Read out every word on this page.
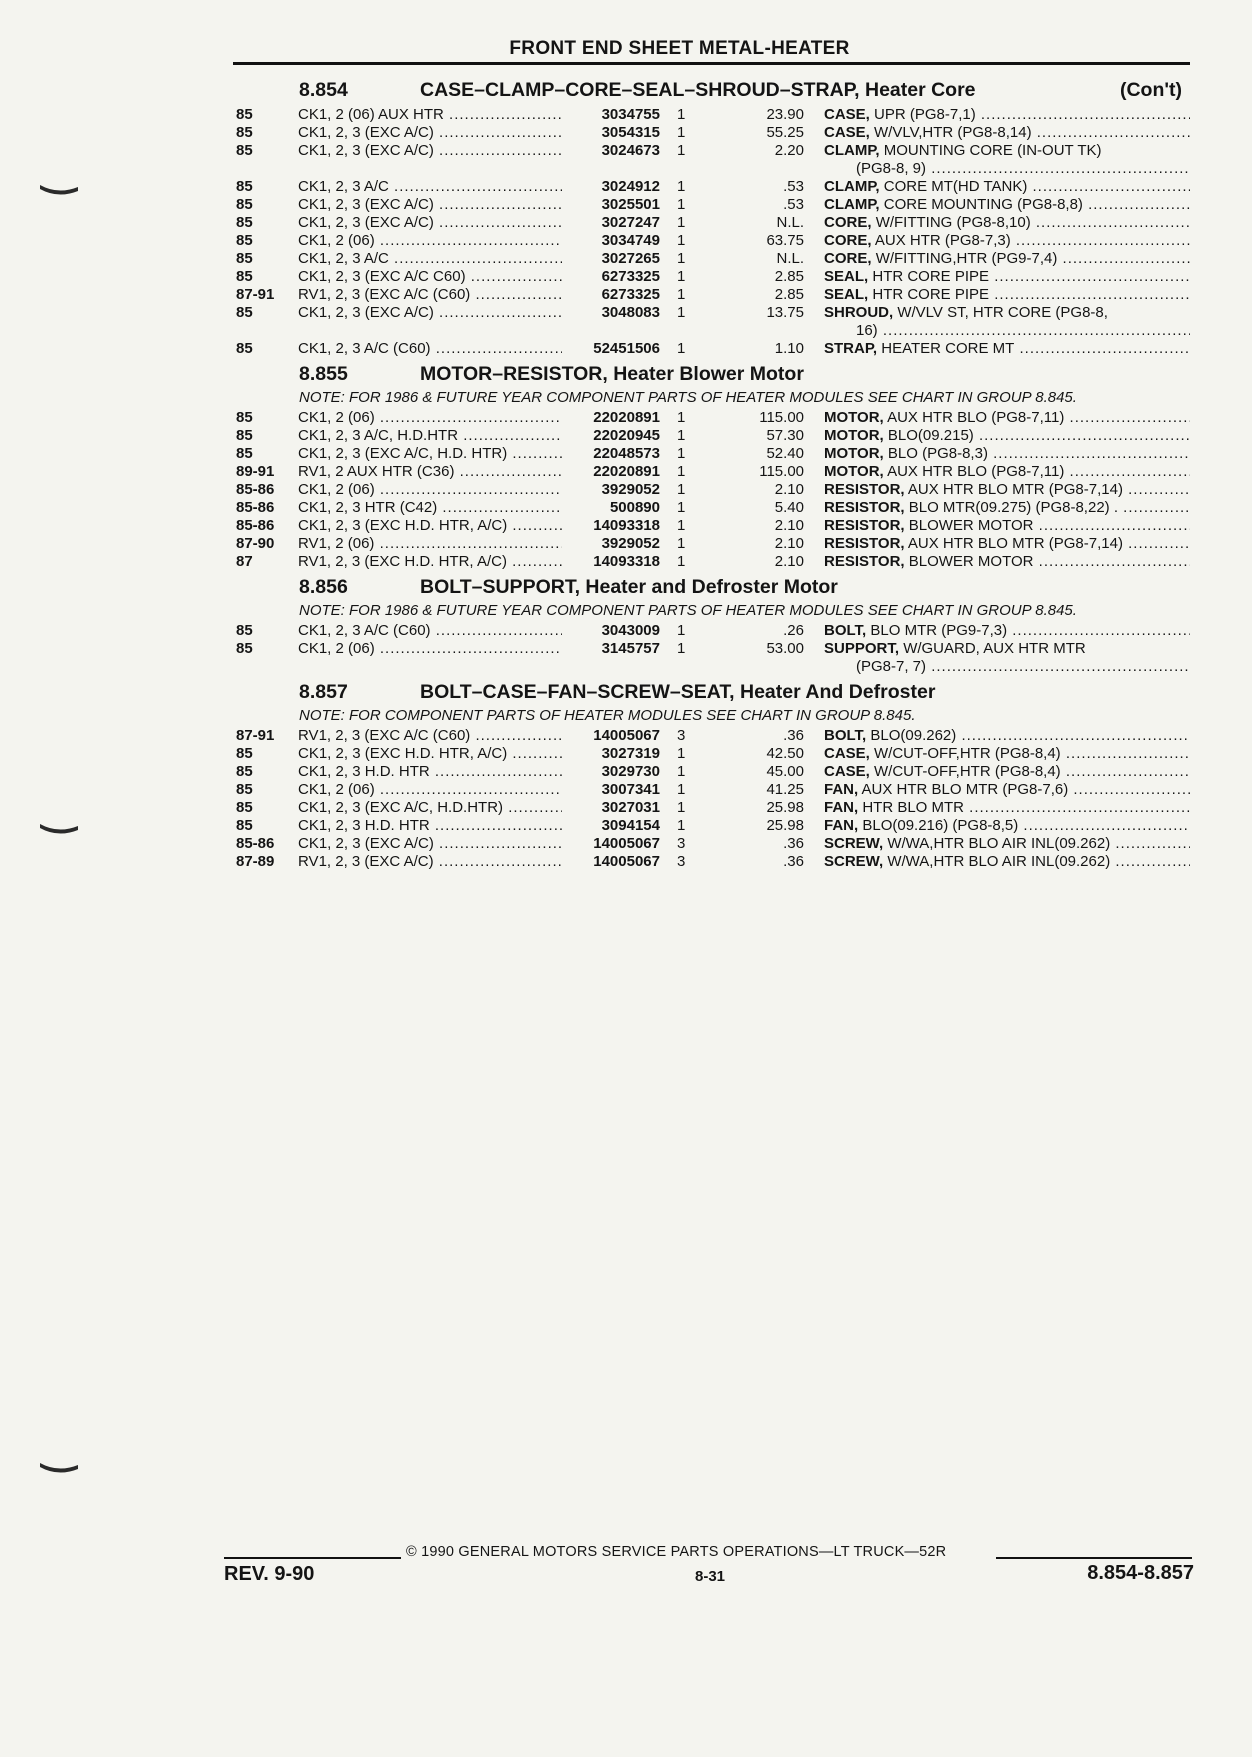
FRONT END SHEET METAL-HEATER
8.854	CASE–CLAMP–CORE–SEAL–SHROUD–STRAP, Heater Core	(Con't)
85	CK1, 2 (06) AUX HTR .....	3034755 1	23.90 CASE, UPR (PG8-7,1) .....
85	CK1, 2, 3 (EXC A/C) .....	3054315 1	55.25 CASE, W/VLV,HTR (PG8-8,14) .....
85	CK1, 2, 3 (EXC A/C) .....	3024673 1	2.20 CLAMP, MOUNTING CORE (IN-OUT TK)
(PG8-8, 9) .....
85	CK1, 2, 3 A/C .....	3024912 1	.53 CLAMP, CORE MT(HD TANK) .....
85	CK1, 2, 3 (EXC A/C) .....	3025501 1	.53 CLAMP, CORE MOUNTING (PG8-8,8) .....
85	CK1, 2, 3 (EXC A/C) .....	3027247 1	N.L. CORE, W/FITTING (PG8-8,10) .....
85	CK1, 2 (06) .....	3034749 1	63.75 CORE, AUX HTR (PG8-7,3) .....
85	CK1, 2, 3 A/C .....	3027265 1	N.L. CORE, W/FITTING,HTR (PG9-7,4) .....
85	CK1, 2, 3 (EXC A/C C60) .....	6273325 1	2.85 SEAL, HTR CORE PIPE .....
87-91 RV1, 2, 3 (EXC A/C (C60) .....	6273325 1	2.85 SEAL, HTR CORE PIPE .....
85	CK1, 2, 3 (EXC A/C) .....	3048083 1	13.75 SHROUD, W/VLV ST, HTR CORE (PG8-8,
16) .....
85	CK1, 2, 3 A/C (C60) .....	52451506 1	1.10 STRAP, HEATER CORE MT .....
8.855	MOTOR–RESISTOR, Heater Blower Motor
NOTE: FOR 1986 & FUTURE YEAR COMPONENT PARTS OF HEATER MODULES SEE CHART IN GROUP 8.845.
85	CK1, 2 (06) .....	22020891 1	115.00 MOTOR, AUX HTR BLO (PG8-7,11) .....
85	CK1, 2, 3 A/C, H.D.HTR .....	22020945 1	57.30 MOTOR, BLO(09.215) .....
85	CK1, 2, 3 (EXC A/C, H.D. HTR) .....	22048573 1	52.40 MOTOR, BLO (PG8-8,3) .....
89-91 RV1, 2 AUX HTR (C36) .....	22020891 1	115.00 MOTOR, AUX HTR BLO (PG8-7,11) .....
85-86 CK1, 2 (06) .....	3929052 1	2.10 RESISTOR, AUX HTR BLO MTR (PG8-7,14) .....
85-86 CK1, 2, 3 HTR (C42) .....	500890 1	5.40 RESISTOR, BLO MTR(09.275) (PG8-8,22) . .....
85-86 CK1, 2, 3 (EXC H.D. HTR, A/C) .....	14093318 1	2.10 RESISTOR, BLOWER MOTOR .....
87-90 RV1, 2 (06) .....	3929052 1	2.10 RESISTOR, AUX HTR BLO MTR (PG8-7,14) .....
87	RV1, 2, 3 (EXC H.D. HTR, A/C) .....	14093318 1	2.10 RESISTOR, BLOWER MOTOR .....
8.856	BOLT–SUPPORT, Heater and Defroster Motor
NOTE: FOR 1986 & FUTURE YEAR COMPONENT PARTS OF HEATER MODULES SEE CHART IN GROUP 8.845.
85	CK1, 2, 3 A/C (C60) .....	3043009 1	.26 BOLT, BLO MTR (PG9-7,3) .....
85	CK1, 2 (06) .....	3145757 1	53.00 SUPPORT, W/GUARD, AUX HTR MTR
(PG8-7, 7) .....
8.857	BOLT–CASE–FAN–SCREW–SEAT, Heater And Defroster
NOTE: FOR COMPONENT PARTS OF HEATER MODULES SEE CHART IN GROUP 8.845.
87-91 RV1, 2, 3 (EXC A/C (C60) .....	14005067 3	.36 BOLT, BLO(09.262) .....
85	CK1, 2, 3 (EXC H.D. HTR, A/C) .....	3027319 1	42.50 CASE, W/CUT-OFF,HTR (PG8-8,4) .....
85	CK1, 2, 3 H.D. HTR .....	3029730 1	45.00 CASE, W/CUT-OFF,HTR (PG8-8,4) .....
85	CK1, 2 (06) .....	3007341 1	41.25 FAN, AUX HTR BLO MTR (PG8-7,6) .....
85	CK1, 2, 3 (EXC A/C, H.D.HTR) .....	3027031 1	25.98 FAN, HTR BLO MTR .....
85	CK1, 2, 3 H.D. HTR .....	3094154 1	25.98 FAN, BLO(09.216) (PG8-8,5) .....
85-86 CK1, 2, 3 (EXC A/C) .....	14005067 3	.36 SCREW, W/WA,HTR BLO AIR INL(09.262) .....
87-89 RV1, 2, 3 (EXC A/C) .....	14005067 3	.36 SCREW, W/WA,HTR BLO AIR INL(09.262) .....
© 1990 GENERAL MOTORS SERVICE PARTS OPERATIONS—LT TRUCK—52R
REV. 9-90	8-31	8.854-8.857
